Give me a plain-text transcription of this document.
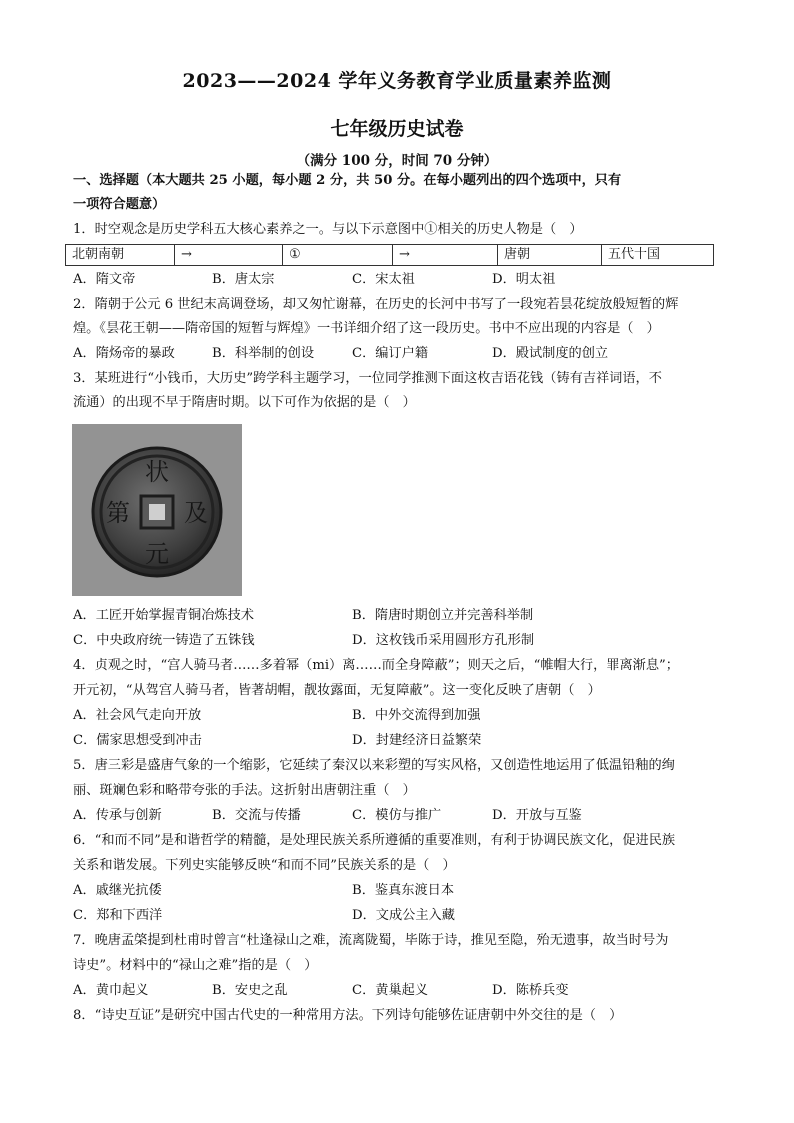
2023——2024 学年义务教育学业质量素养监测
七年级历史试卷
（满分 100 分，时间 70 分钟）
一、选择题（本大题共 25 小题，每小题 2 分，共 50 分。在每小题列出的四个选项中，只有
一项符合题意）
1．时空观念是历史学科五大核心素养之一。与以下示意图中①相关的历史人物是（　）
北朝南朝	→	①	→	唐朝	五代十国
A．隋文帝	B．唐太宗	C．宋太祖	D．明太祖
2．隋朝于公元 6 世纪末高调登场，却又匆忙谢幕，在历史的长河中书写了一段宛若昙花绽放般短暂的辉
煌。《昙花王朝——隋帝国的短暂与辉煌》一书详细介绍了这一段历史。书中不应出现的内容是（　）
A．隋炀帝的暴政	B．科举制的创设	C．编订户籍	D．殿试制度的创立
3．某班进行“小钱币，大历史”跨学科主题学习，一位同学推测下面这枚吉语花钱（铸有吉祥词语，不
流通）的出现不早于隋唐时期。以下可作为依据的是（　）
状
及
元
第
A．工匠开始掌握青铜冶炼技术	B．隋唐时期创立并完善科举制
C．中央政府统一铸造了五铢钱	D．这枚钱币采用圆形方孔形制
4．贞观之时，“宫人骑马者……多着幂（mi）离……而全身障蔽”；则天之后，“帷帽大行，罪离渐息”；
开元初，“从驾宫人骑马者，皆著胡帽，靓妆露面，无复障蔽”。这一变化反映了唐朝（　）
A．社会风气走向开放	B．中外交流得到加强
C．儒家思想受到冲击	D．封建经济日益繁荣
5．唐三彩是盛唐气象的一个缩影，它延续了秦汉以来彩塑的写实风格，又创造性地运用了低温铅釉的绚
丽、斑斓色彩和略带夸张的手法。这折射出唐朝注重（　）
A．传承与创新	B．交流与传播	C．模仿与推广	D．开放与互鉴
6．“和而不同”是和谐哲学的精髓，是处理民族关系所遵循的重要准则，有利于协调民族文化，促进民族
关系和谐发展。下列史实能够反映“和而不同”民族关系的是（　）
A．戚继光抗倭	B．鉴真东渡日本
C．郑和下西洋	D．文成公主入藏
7．晚唐孟棨提到杜甫时曾言“杜逢禄山之难，流离陇蜀，毕陈于诗，推见至隐，殆无遗事，故当时号为
诗史”。材料中的“禄山之难”指的是（　）
A．黄巾起义	B．安史之乱	C．黄巢起义	D．陈桥兵变
8．“诗史互证”是研究中国古代史的一种常用方法。下列诗句能够佐证唐朝中外交往的是（　）
